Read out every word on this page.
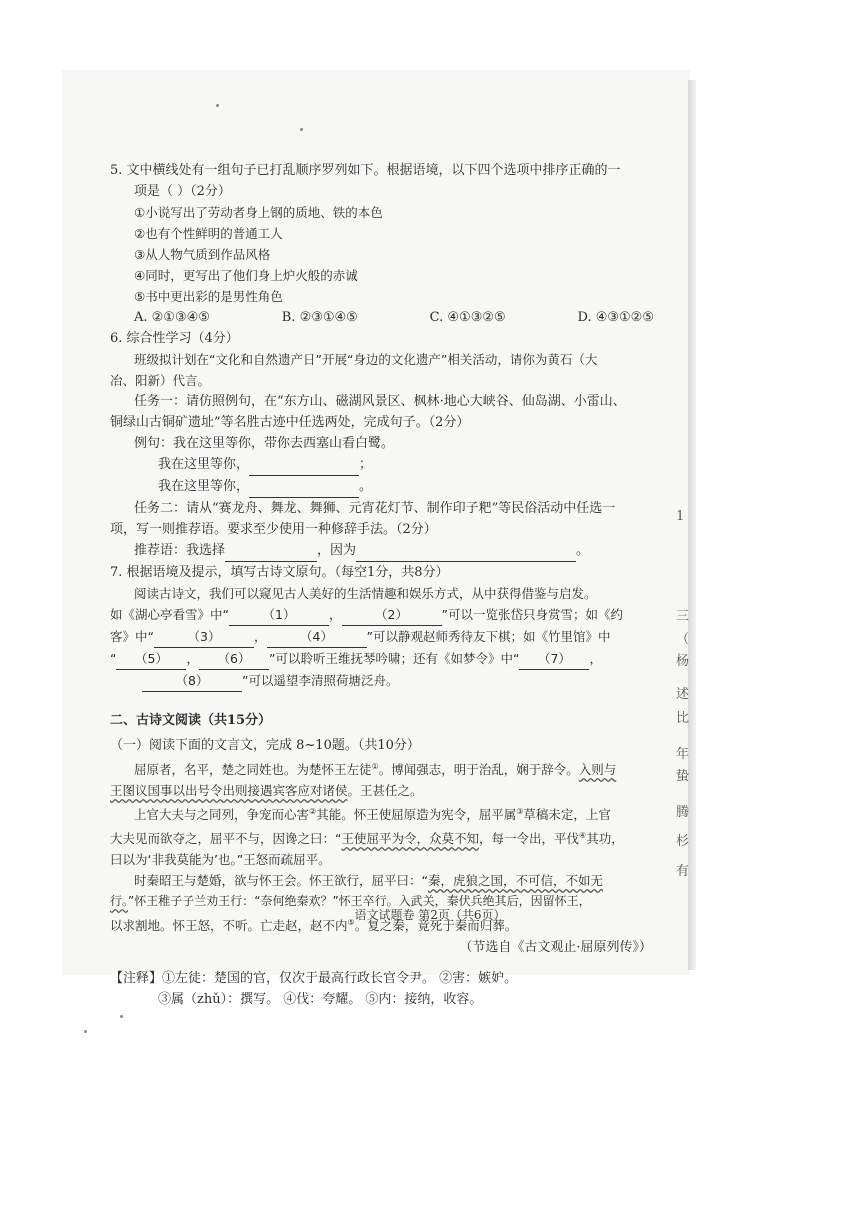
1
三
（
杨
述
比
年
蛰
腾
杉
有
5. 文中横线处有一组句子已打乱顺序罗列如下。根据语境，以下四个选项中排序正确的一
项是（ ）（2分）
①小说写出了劳动者身上钢的质地、铁的本色
②也有个性鲜明的普通工人
③从人物气质到作品风格
④同时，更写出了他们身上炉火般的赤诚
⑤书中更出彩的是男性角色
A. ②①③④⑤	B. ②③①④⑤	C. ④①③②⑤	D. ④③①②⑤
6. 综合性学习（4分）
班级拟计划在“文化和自然遗产日”开展“身边的文化遗产”相关活动，请你为黄石（大
冶、阳新）代言。
任务一：请仿照例句，在“东方山、磁湖风景区、枫林·地心大峡谷、仙岛湖、小雷山、
铜绿山古铜矿遗址”等名胜古迹中任选两处，完成句子。（2分）
例句：我在这里等你，带你去西塞山看白鹭。
我在这里等你，	；
我在这里等你，	。
任务二：请从“赛龙舟、舞龙、舞狮、元宵花灯节、制作印子粑”等民俗活动中任选一
项，写一则推荐语。要求至少使用一种修辞手法。（2分）
推荐语：我选择	，因为	。
7. 根据语境及提示，填写古诗文原句。（每空1分，共8分）
阅读古诗文，我们可以窥见古人美好的生活情趣和娱乐方式，从中获得借鉴与启发。
如《湖心亭看雪》中“	（1）	，	（2）	”可以一览张岱只身赏雪；如《约
客》中“	（3）	，	（4）	”可以静观赵师秀待友下棋；如《竹里馆》中
“ （5） ， （6） ”可以聆听王维抚琴吟啸；还有《如梦令》中“ （7） ，
（8）	”可以遥望李清照荷塘泛舟。
二、古诗文阅读（共15分）
（一）阅读下面的文言文，完成 8~10题。（共10分）
屈原者，名平，楚之同姓也。为楚怀王左徒①。博闻强志，明于治乱，娴于辞令。入则与
王图议国事以出号令出则接遇宾客应对诸侯。王甚任之。
上官大夫与之同列，争宠而心害②其能。怀王使屈原造为宪令，屈平属③草稿未定，上官
大夫见而欲夺之，屈平不与，因谗之曰：“王使屈平为令，众莫不知，每一令出，平伐④其功，
曰以为‘非我莫能为’也。”王怒而疏屈平。
时秦昭王与楚婚，欲与怀王会。怀王欲行，屈平曰：“秦，虎狼之国，不可信，不如无
行。”怀王稚子子兰劝王行：“奈何绝秦欢？”怀王卒行。入武关，秦伏兵绝其后，因留怀王，
以求割地。怀王怒，不听。亡走赵，赵不内⑤。复之秦，竟死于秦而归葬。
（节选自《古文观止·屈原列传》）
【注释】①左徒：楚国的官，仅次于最高行政长官令尹。 ②害：嫉妒。
③属（zhǔ）：撰写。 ④伐：夸耀。 ⑤内：接纳，收容。
语文试题卷 第2页（共6页）
